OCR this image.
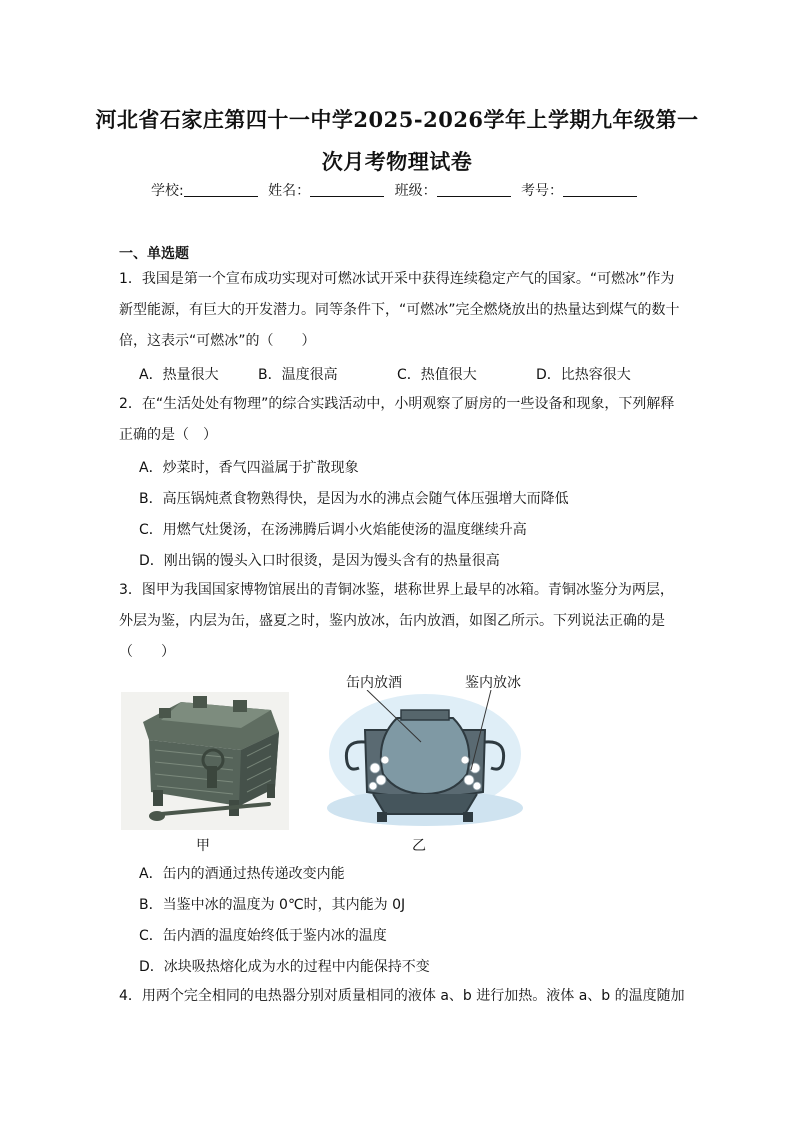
河北省石家庄第四十一中学2025-2026学年上学期九年级第一
次月考物理试卷
学校:	姓名：	班级：	考号：
一、单选题
1．我国是第一个宣布成功实现对可燃冰试开采中获得连续稳定产气的国家。“可燃冰”作为
新型能源，有巨大的开发潜力。同等条件下，“可燃冰”完全燃烧放出的热量达到煤气的数十
倍，这表示“可燃冰”的（　　）
A．热量很大	B．温度很高	C．热值很大	D．比热容很大
2．在“生活处处有物理”的综合实践活动中，小明观察了厨房的一些设备和现象，下列解释
正确的是（　）
A．炒菜时，香气四溢属于扩散现象
B．高压锅炖煮食物熟得快，是因为水的沸点会随气体压强增大而降低
C．用燃气灶煲汤，在汤沸腾后调小火焰能使汤的温度继续升高
D．刚出锅的馒头入口时很烫，是因为馒头含有的热量很高
3．图甲为我国国家博物馆展出的青铜冰鉴，堪称世界上最早的冰箱。青铜冰鉴分为两层，
外层为鉴，内层为缶，盛夏之时，鉴内放冰，缶内放酒，如图乙所示。下列说法正确的是
（　　）
甲
缶内放酒	鉴内放冰
乙
A．缶内的酒通过热传递改变内能
B．当鉴中冰的温度为 0℃时，其内能为 0J
C．缶内酒的温度始终低于鉴内冰的温度
D．冰块吸热熔化成为水的过程中内能保持不变
4．用两个完全相同的电热器分别对质量相同的液体 a、b 进行加热。液体 a、b 的温度随加
